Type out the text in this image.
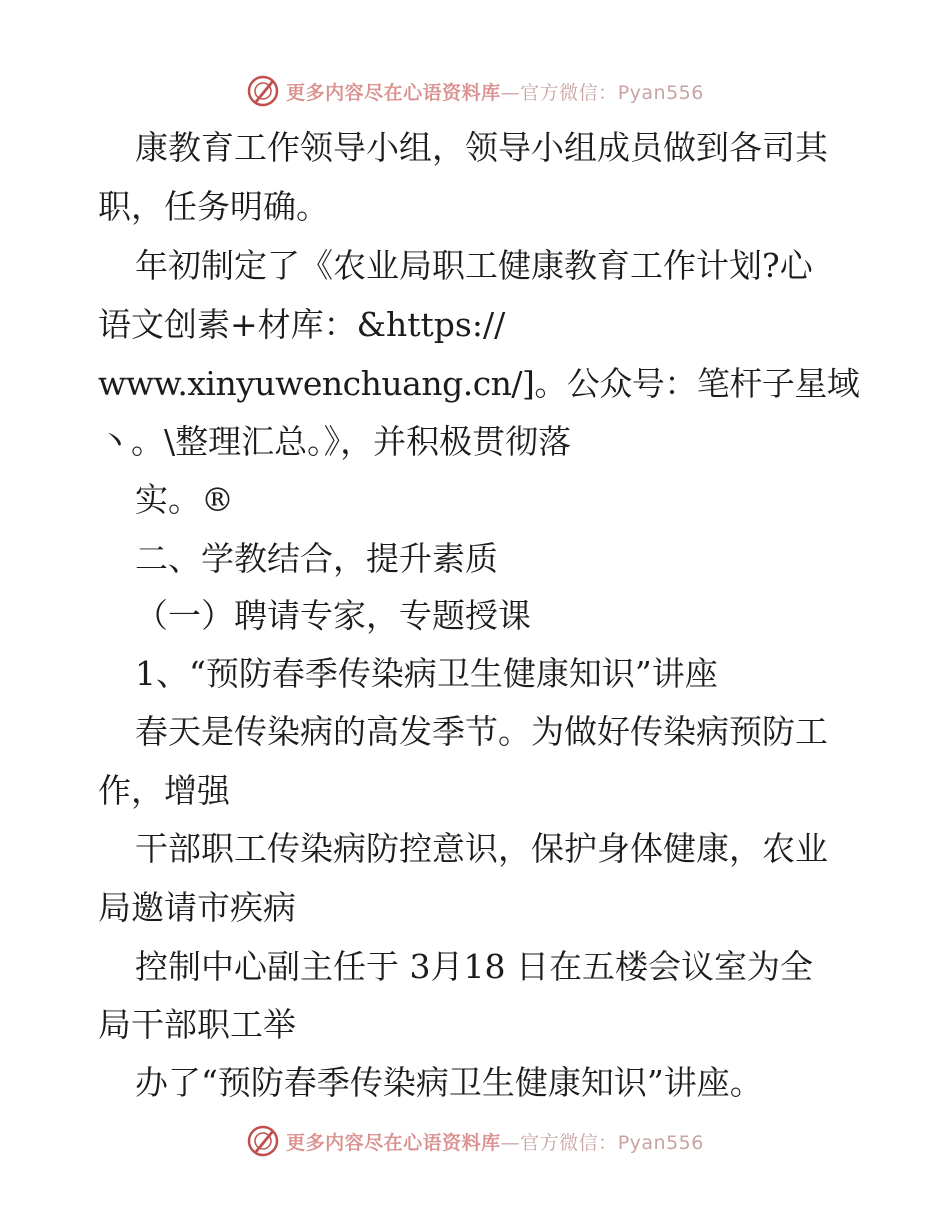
更多内容尽在心语资料库—官方微信：Pyan556
康教育工作领导小组，领导小组成员做到各司其
职，任务明确。
年初制定了《农业局职工健康教育工作计划?心
语文创素+材库：&https://
www.xinyuwenchuang.cn/]。公众号：笔杆子星域
丶。\整理汇总。》，并积极贯彻落
实。®
二、学教结合，提升素质
（一）聘请专家，专题授课
1、“预防春季传染病卫生健康知识”讲座
春天是传染病的高发季节。为做好传染病预防工
作，增强
干部职工传染病防控意识，保护身体健康，农业
局邀请市疾病
控制中心副主任于 3月18 日在五楼会议室为全
局干部职工举
办了“预防春季传染病卫生健康知识”讲座。
更多内容尽在心语资料库—官方微信：Pyan556
